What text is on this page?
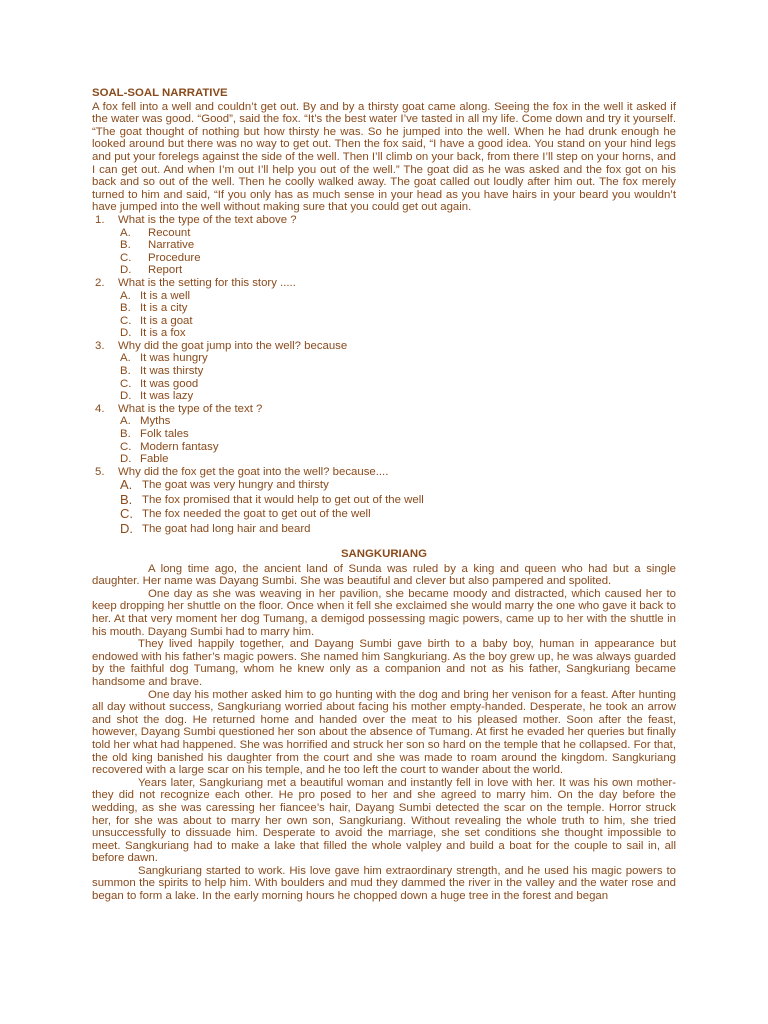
SOAL-SOAL NARRATIVE

A fox fell into a well and couldn’t get out. By and by a thirsty goat came along. Seeing the fox in the well it asked if the water was good. “Good”, said the fox. “It’s the best water I’ve tasted in all my life. Come down and try it yourself. “The goat thought of nothing but how thirsty he was. So he jumped into the well. When he had drunk enough he looked around but there was no way to get out. Then the fox said, “I have a good idea. You stand on your hind legs and put your forelegs against the side of the well. Then I’ll climb on your back, from there I’ll step on your horns, and I can get out. And when I’m out I’ll help you out of the well.” The goat did as he was asked and the fox got on his back and so out of the well. Then he coolly walked away. The goat called out loudly after him out. The fox merely turned to him and said, “If you only has as much sense in your head as you have hairs in your beard you wouldn’t have jumped into the well without making sure that you could get out again.

1. What is the type of the text above ?
A. Recount
B. Narrative
C. Procedure
D. Report
2. What is the setting for this story .....
A. It is a well
B. It is a city
C. It is a goat
D. It is a fox
3. Why did the goat jump into the well? because
A. It was hungry
B. It was thirsty
C. It was good
D. It was lazy
4. What is the type of the text ?
A. Myths
B. Folk tales
C. Modern fantasy
D. Fable
5. Why did the fox get the goat into the well? because....
A. The goat was very hungry and thirsty
B. The fox promised that it would help to get out of the well
C. The fox needed the goat to get out of the well
D. The goat had long hair and beard
SANGKURIANG

A long time ago, the ancient land of Sunda was ruled by a king and queen who had but a single daughter. Her name was Dayang Sumbi. She was beautiful and clever but also pampered and spolited.

One day as she was weaving in her pavilion, she became moody and distracted, which caused her to keep dropping her shuttle on the floor. Once when it fell she exclaimed she would marry the one who gave it back to her. At that very moment her dog Tumang, a demigod possessing magic powers, came up to her with the shuttle in his mouth. Dayang Sumbi had to marry him.

They lived happily together, and Dayang Sumbi gave birth to a baby boy, human in appearance but endowed with his father’s magic powers. She named him Sangkuriang. As the boy grew up, he was always guarded by the faithful dog Tumang, whom he knew only as a companion and not as his father, Sangkuriang became handsome and brave.

One day his mother asked him to go hunting with the dog and bring her venison for a feast. After hunting all day without success, Sangkuriang worried about facing his mother empty-handed. Desperate, he took an arrow and shot the dog. He returned home and handed over the meat to his pleased mother. Soon after the feast, however, Dayang Sumbi questioned her son about the absence of Tumang. At first he evaded her queries but finally told her what had happened. She was horrified and struck her son so hard on the temple that he collapsed. For that, the old king banished his daughter from the court and she was made to roam around the kingdom. Sangkuriang recovered with a large scar on his temple, and he too left the court to wander about the world.

Years later, Sangkuriang met a beautiful woman and instantly fell in love with her. It was his own mother-they did not recognize each other. He pro posed to her and she agreed to marry him. On the day before the wedding, as she was caressing her fiancee’s hair, Dayang Sumbi detected the scar on the temple. Horror struck her, for she was about to marry her own son, Sangkuriang. Without revealing the whole truth to him, she tried unsuccessfully to dissuade him. Desperate to avoid the marriage, she set conditions she thought impossible to meet. Sangkuriang had to make a lake that filled the whole valpley and build a boat for the couple to sail in, all before dawn.

Sangkuriang started to work. His love gave him extraordinary strength, and he used his magic powers to summon the spirits to help him. With boulders and mud they dammed the river in the valley and the water rose and began to form a lake. In the early morning hours he chopped down a huge tree in the forest and began
